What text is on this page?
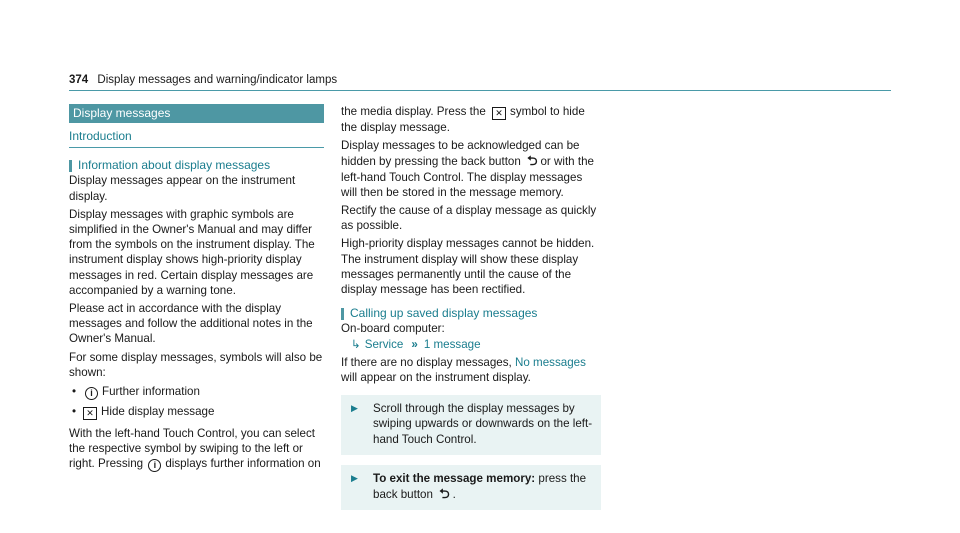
374 Display messages and warning/indicator lamps
Display messages
Introduction
Information about display messages

Display messages appear on the instrument display.

Display messages with graphic symbols are simplified in the Owner's Manual and may differ from the symbols on the instrument display. The instrument display shows high-priority display messages in red. Certain display messages are accompanied by a warning tone.

Please act in accordance with the display messages and follow the additional notes in the Owner's Manual.

For some display messages, symbols will also be shown:

• i Further information
• ✕ Hide display message

With the left-hand Touch Control, you can select the respective symbol by swiping to the left or right. Pressing i displays further information on

the media display. Press the ✕ symbol to hide the display message.

Display messages to be acknowledged can be hidden by pressing the back button ⮌ or with the left-hand Touch Control. The display messages will then be stored in the message memory.

Rectify the cause of a display message as quickly as possible.

High-priority display messages cannot be hidden. The instrument display will show these display messages permanently until the cause of the display message has been rectified.

Calling up saved display messages

On-board computer:

↳ Service » 1 message

If there are no display messages, No messages will appear on the instrument display.

▶ Scroll through the display messages by swiping upwards or downwards on the left-hand Touch Control.
▶ To exit the message memory: press the back button ⮌ .
